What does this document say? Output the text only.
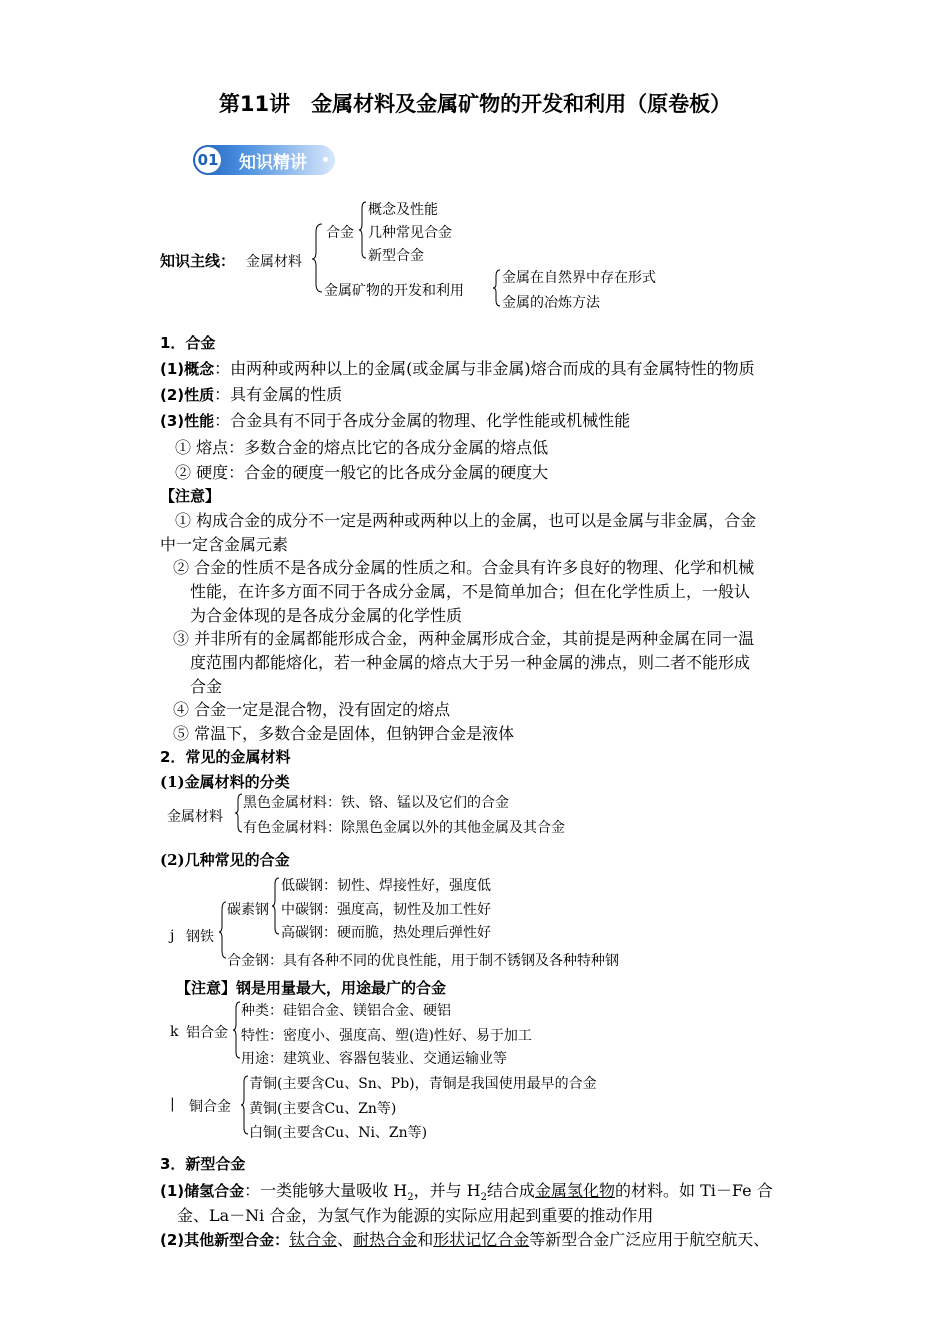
第11讲　金属材料及金属矿物的开发和利用（原卷板）
01 知识精讲
知识主线： 金属材料
合金
概念及性能
几种常见合金
新型合金
金属矿物的开发和利用
金属在自然界中存在形式
金属的冶炼方法
1．合金
(1)概念：由两种或两种以上的金属(或金属与非金属)熔合而成的具有金属特性的物质
(2)性质：具有金属的性质
(3)性能：合金具有不同于各成分金属的物理、化学性能或机械性能
① 熔点：多数合金的熔点比它的各成分金属的熔点低
② 硬度：合金的硬度一般它的比各成分金属的硬度大
【注意】
① 构成合金的成分不一定是两种或两种以上的金属，也可以是金属与非金属，合金
中一定含金属元素
② 合金的性质不是各成分金属的性质之和。合金具有许多良好的物理、化学和机械
性能，在许多方面不同于各成分金属，不是简单加合；但在化学性质上，一般认
为合金体现的是各成分金属的化学性质
③ 并非所有的金属都能形成合金，两种金属形成合金，其前提是两种金属在同一温
度范围内都能熔化，若一种金属的熔点大于另一种金属的沸点，则二者不能形成
合金
④ 合金一定是混合物，没有固定的熔点
⑤ 常温下，多数合金是固体，但钠钾合金是液体
2．常见的金属材料
(1)金属材料的分类
金属材料
黑色金属材料：铁、铬、锰以及它们的合金
有色金属材料：除黑色金属以外的其他金属及其合金
(2)几种常见的合金
j 钢铁
碳素钢
低碳钢：韧性、焊接性好，强度低
中碳钢：强度高，韧性及加工性好
高碳钢：硬而脆，热处理后弹性好
合金钢：具有各种不同的优良性能，用于制不锈钢及各种特种钢
【注意】钢是用量最大，用途最广的合金
k 铝合金
种类：硅铝合金、镁铝合金、硬铝
特性：密度小、强度高、塑(造)性好、易于加工
用途：建筑业、容器包装业、交通运输业等
| 铜合金
青铜(主要含Cu、Sn、Pb)，青铜是我国使用最早的合金
黄铜(主要含Cu、Zn等)
白铜(主要含Cu、Ni、Zn等)
3．新型合金
(1)储氢合金：一类能够大量吸收 $H_2$，并与 $H_2$结合成金属氢化物的材料。如 Ti－Fe 合
金、La－Ni 合金，为氢气作为能源的实际应用起到重要的推动作用
(2)其他新型合金：钛合金、耐热合金和形状记忆合金等新型合金广泛应用于航空航天、
